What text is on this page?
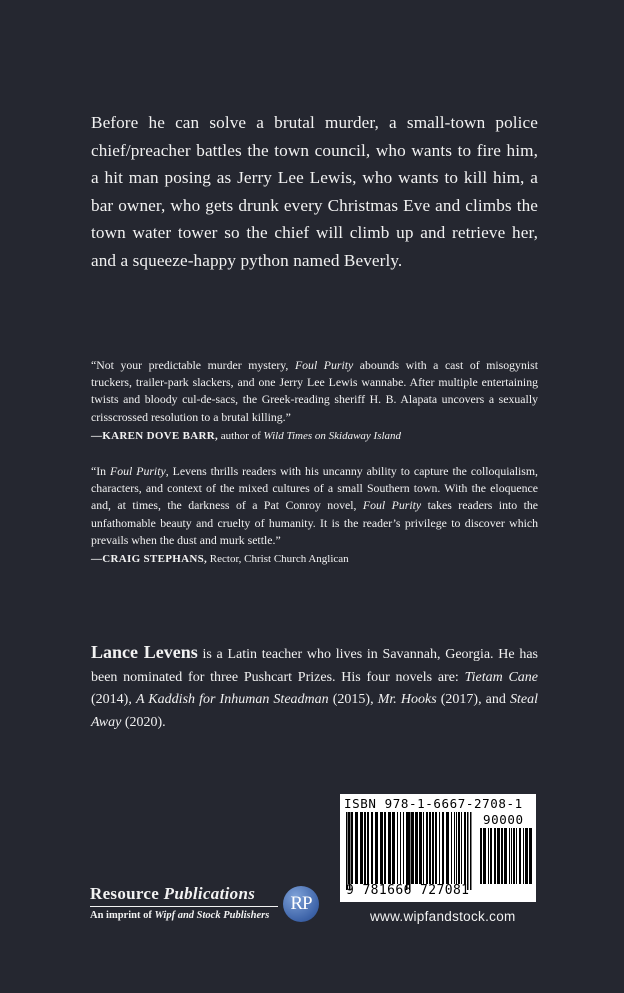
Before he can solve a brutal murder, a small-town police chief/preacher battles the town council, who wants to fire him, a hit man posing as Jerry Lee Lewis, who wants to kill him, a bar owner, who gets drunk every Christmas Eve and climbs the town water tower so the chief will climb up and retrieve her, and a squeeze-happy python named Beverly.

“Not your predictable murder mystery, Foul Purity abounds with a cast of misogynist truckers, trailer-park slackers, and one Jerry Lee Lewis wannabe. After multiple entertaining twists and bloody cul-de-sacs, the Greek-reading sheriff H. B. Alapata uncovers a sexually crisscrossed resolution to a brutal killing.”

—KAREN DOVE BARR, author of Wild Times on Skidaway Island

“In Foul Purity, Levens thrills readers with his uncanny ability to capture the colloquialism, characters, and context of the mixed cultures of a small Southern town. With the eloquence and, at times, the darkness of a Pat Conroy novel, Foul Purity takes readers into the unfathomable beauty and cruelty of humanity. It is the reader’s privilege to discover which prevails when the dust and murk settle.”

—CRAIG STEPHANS, Rector, Christ Church Anglican
Lance Levens is a Latin teacher who lives in Savannah, Georgia. He has been nominated for three Pushcart Prizes. His four novels are: Tietam Cane (2014), A Kaddish for Inhuman Steadman (2015), Mr. Hooks (2017), and Steal Away (2020).
ISBN 978-1-6667-2708-1
90000
9 781666 727081
Resource Publications
An imprint of Wipf and Stock Publishers
RP
www.wipfandstock.com
